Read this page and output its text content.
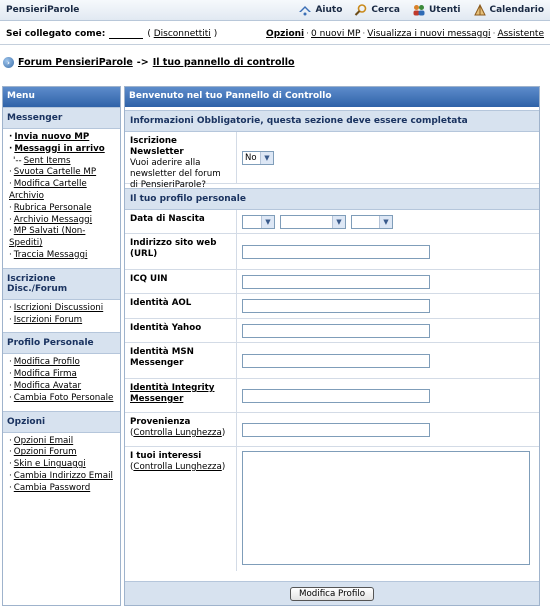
PensieriParole	Aiuto	Cerca	Utenti	Calendario
Sei collegato come:	( Disconnettiti )	Opzioni · 0 nuovi MP · Visualizza i nuovi messaggi · Assistente
› Forum PensieriParole -> Il tuo pannello di controllo
Menu
Messenger
· Invia nuovo MP
· Messaggi in arrivo
'-- Sent Items
· Svuota Cartelle MP
· Modifica Cartelle Archivio
· Rubrica Personale
· Archivio Messaggi
· MP Salvati (Non-Spediti)
· Traccia Messaggi
Iscrizione Disc./Forum
· Iscrizioni Discussioni
· Iscrizioni Forum
Profilo Personale
· Modifica Profilo
· Modifica Firma
· Modifica Avatar
· Cambia Foto Personale
Opzioni
· Opzioni Email
· Opzioni Forum
· Skin e Linguaggi
· Cambia Indirizzo Email
· Cambia Password
Benvenuto nel tuo Pannello di Controllo
Informazioni Obbligatorie, questa sezione deve essere completata
Iscrizione Newsletter
Vuoi aderire alla newsletter del forum di PensieriParole?
No	▼
Il tuo profilo personale
Data di Nascita	▼	▼	▼
Indirizzo sito web (URL)
ICQ UIN
Identità AOL
Identità Yahoo
Identità MSN Messenger
Identità Integrity Messenger
Provenienza
(Controlla Lunghezza)
I tuoi interessi
(Controlla Lunghezza)
Modifica Profilo
